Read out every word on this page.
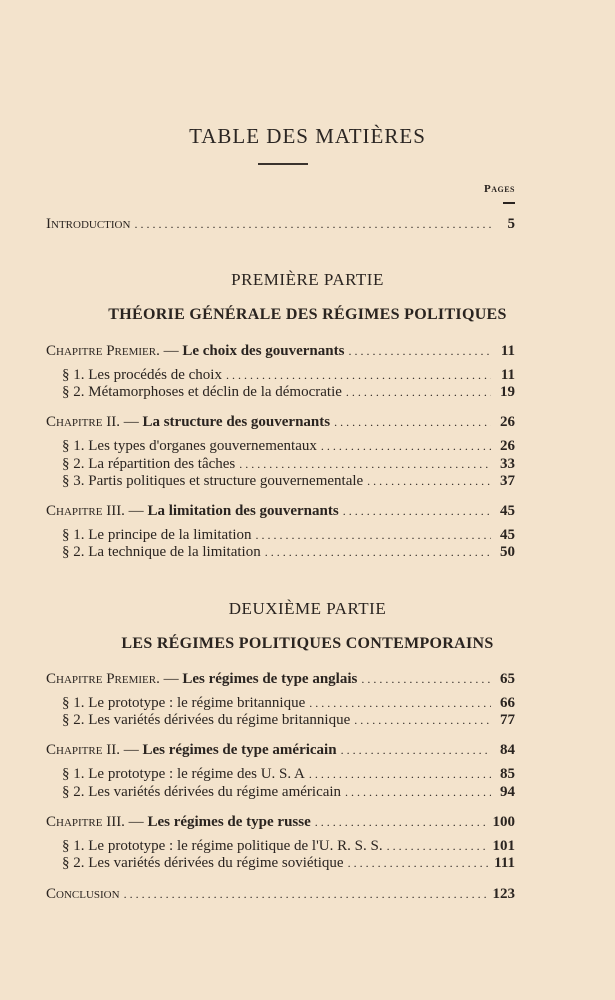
TABLE DES MATIÈRES
Pages
Introduction . . .	5
PREMIÈRE PARTIE
THÉORIE GÉNÉRALE DES RÉGIMES POLITIQUES
Chapitre Premier. — Le choix des gouvernants . . .	11
§ 1. Les procédés de choix . . .	11
§ 2. Métamorphoses et déclin de la démocratie . . .	19
Chapitre II. — La structure des gouvernants . . .	26
§ 1. Les types d'organes gouvernementaux . . .	26
§ 2. La répartition des tâches . . .	33
§ 3. Partis politiques et structure gouvernementale . . .	37
Chapitre III. — La limitation des gouvernants . . .	45
§ 1. Le principe de la limitation . . .	45
§ 2. La technique de la limitation . . .	50
DEUXIÈME PARTIE
LES RÉGIMES POLITIQUES CONTEMPORAINS
Chapitre Premier. — Les régimes de type anglais . . .	65
§ 1. Le prototype : le régime britannique . . .	66
§ 2. Les variétés dérivées du régime britannique . . .	77
Chapitre II. — Les régimes de type américain . . .	84
§ 1. Le prototype : le régime des U. S. A . . .	85
§ 2. Les variétés dérivées du régime américain . . .	94
Chapitre III. — Les régimes de type russe . . .	100
§ 1. Le prototype : le régime politique de l'U. R. S. S. . . .	101
§ 2. Les variétés dérivées du régime soviétique . . .	111
Conclusion . . .	123
